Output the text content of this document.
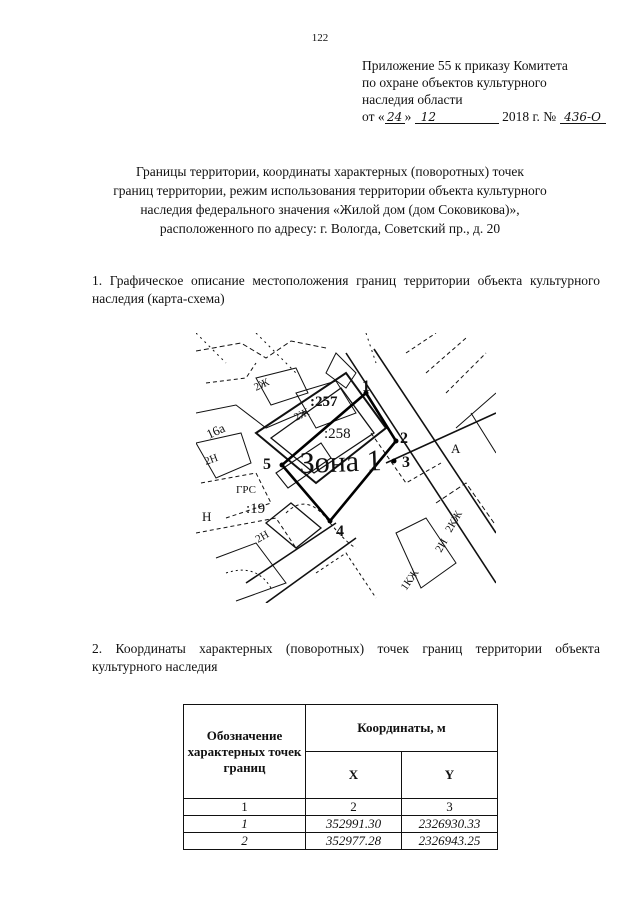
122
Приложение 55 к приказу Комитета
по охране объектов культурного
наследия области
от « 24 » 12	2018 г. № 436-О
Границы территории, координаты характерных (поворотных) точек
границ территории, режим использования территории объекта культурного
наследия федерального значения «Жилой дом (дом Соковикова)»,
расположенного по адресу: г. Вологда, Советский пр., д. 20
1. Графическое описание местоположения границ территории объекта культурного наследия (карта-схема)
Зона 1
:257
:258
:19
1
2
3
4
5
2Ж
2Ж
2Н
16а
ГРС
Н
2Н	2Н
1КЖ
2КЖ
А
2. Координаты характерных (поворотных) точек границ территории объекта культурного наследия
Обозначение характерных точек границ	Координаты, м	
	X	Y
1	2	3
1	352991.30	2326930.33
2	352977.28	2326943.25
